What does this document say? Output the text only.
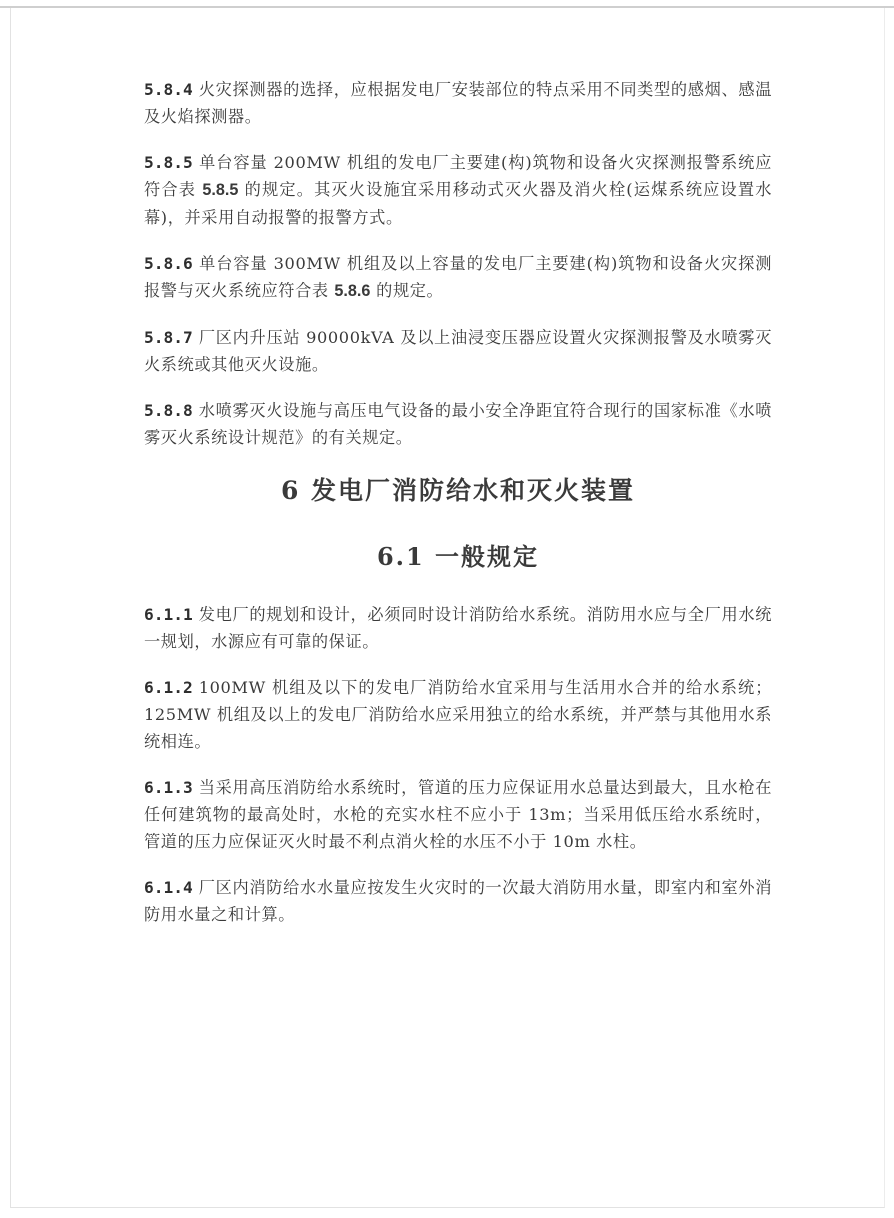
5.8.4 火灾探测器的选择，应根据发电厂安装部位的特点采用不同类型的感烟、感温及火焰探测器。

5.8.5 单台容量 200MW 机组的发电厂主要建(构)筑物和设备火灾探测报警系统应符合表 5.8.5 的规定。其灭火设施宜采用移动式灭火器及消火栓(运煤系统应设置水幕)，并采用自动报警的报警方式。

5.8.6 单台容量 300MW 机组及以上容量的发电厂主要建(构)筑物和设备火灾探测报警与灭火系统应符合表 5.8.6 的规定。

5.8.7 厂区内升压站 90000kVA 及以上油浸变压器应设置火灾探测报警及水喷雾灭火系统或其他灭火设施。

5.8.8 水喷雾灭火设施与高压电气设备的最小安全净距宜符合现行的国家标准《水喷雾灭火系统设计规范》的有关规定。

6 发电厂消防给水和灭火装置
6.1 一般规定

6.1.1 发电厂的规划和设计，必须同时设计消防给水系统。消防用水应与全厂用水统一规划，水源应有可靠的保证。

6.1.2 100MW 机组及以下的发电厂消防给水宜采用与生活用水合并的给水系统；125MW 机组及以上的发电厂消防给水应采用独立的给水系统，并严禁与其他用水系统相连。

6.1.3 当采用高压消防给水系统时，管道的压力应保证用水总量达到最大，且水枪在任何建筑物的最高处时，水枪的充实水柱不应小于 13m；当采用低压给水系统时，管道的压力应保证灭火时最不利点消火栓的水压不小于 10m 水柱。

6.1.4 厂区内消防给水水量应按发生火灾时的一次最大消防用水量，即室内和室外消防用水量之和计算。
